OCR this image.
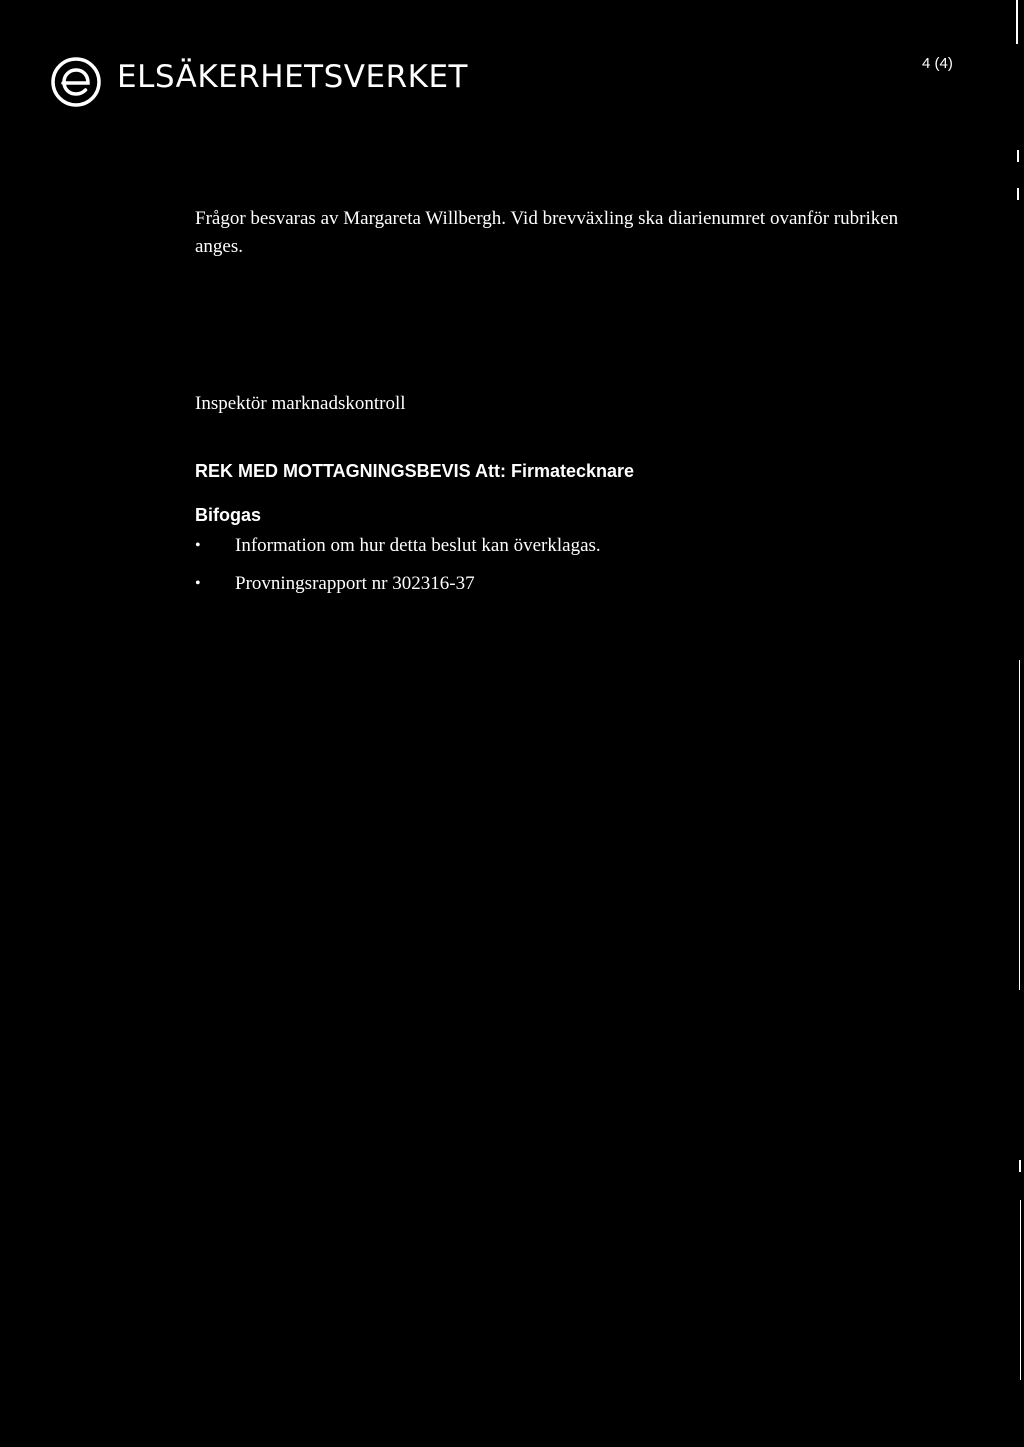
ELSÄKERHETSVERKET	4 (4)

Frågor besvaras av Margareta Willbergh. Vid brevväxling ska diarienumret ovanför rubriken anges.

Inspektör marknadskontroll

REK MED MOTTAGNINGSBEVIS Att: Firmatecknare

Bifogas

• Information om hur detta beslut kan överklagas.
• Provningsrapport nr 302316-37
